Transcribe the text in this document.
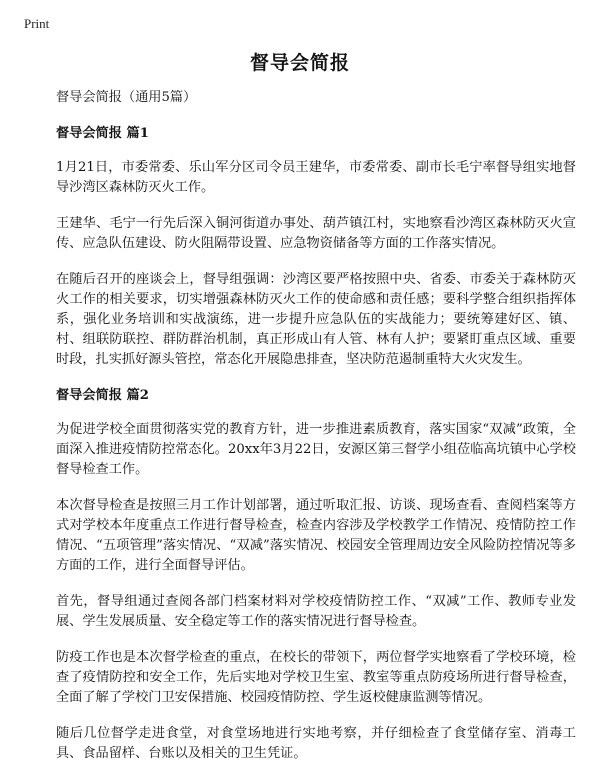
Print
督导会简报

督导会简报（通用5篇）

督导会简报 篇1

1月21日，市委常委、乐山军分区司令员王建华，市委常委、副市长毛宁率督导组实地督导沙湾区森林防灭火工作。

王建华、毛宁一行先后深入铜河街道办事处、葫芦镇江村，实地察看沙湾区森林防灭火宣传、应急队伍建设、防火阻隔带设置、应急物资储备等方面的工作落实情况。

在随后召开的座谈会上，督导组强调：沙湾区要严格按照中央、省委、市委关于森林防灭火工作的相关要求，切实增强森林防灭火工作的使命感和责任感；要科学整合组织指挥体系，强化业务培训和实战演练，进一步提升应急队伍的实战能力；要统筹建好区、镇、村、组联防联控、群防群治机制，真正形成山有人管、林有人护；要紧盯重点区域、重要时段，扎实抓好源头管控，常态化开展隐患排查，坚决防范遏制重特大火灾发生。

督导会简报 篇2

为促进学校全面贯彻落实党的教育方针，进一步推进素质教育，落实国家“双减”政策，全面深入推进疫情防控常态化。20xx年3月22日，安源区第三督学小组莅临高坑镇中心学校督导检查工作。

本次督导检查是按照三月工作计划部署，通过听取汇报、访谈、现场查看、查阅档案等方式对学校本年度重点工作进行督导检查，检查内容涉及学校教学工作情况、疫情防控工作情况、“五项管理”落实情况、“双减”落实情况、校园安全管理周边安全风险防控情况等多方面的工作，进行全面督导评估。

首先，督导组通过查阅各部门档案材料对学校疫情防控工作、“双减”工作、教师专业发展、学生发展质量、安全稳定等工作的落实情况进行督导检查。

防疫工作也是本次督学检查的重点，在校长的带领下，两位督学实地察看了学校环境，检查了疫情防控和安全工作，先后实地对学校卫生室、教室等重点防疫场所进行督导检查，全面了解了学校门卫安保措施、校园疫情防控、学生返校健康监测等情况。

随后几位督学走进食堂，对食堂场地进行实地考察，并仔细检查了食堂储存室、消毒工具、食品留样、台账以及相关的卫生凭证。
